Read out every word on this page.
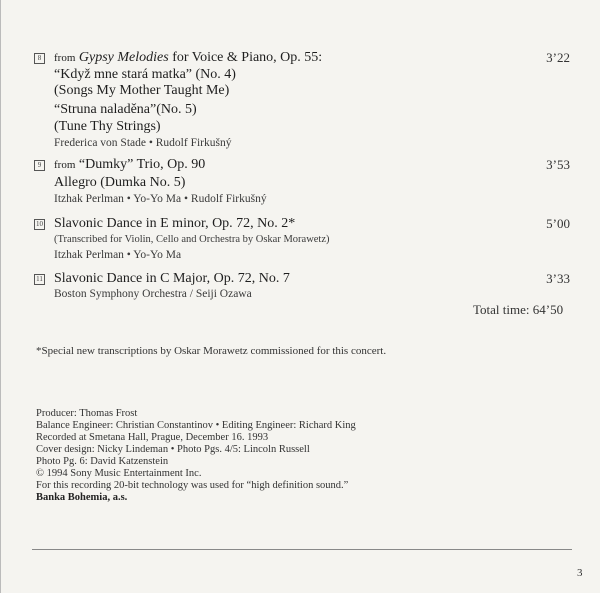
8	from Gypsy Melodies for Voice & Piano, Op. 55:	3’22
“Když mne stará matka” (No. 4)
(Songs My Mother Taught Me)
“Struna naladěna”(No. 5)
(Tune Thy Strings)
Frederica von Stade • Rudolf Firkušný
9	from “Dumky” Trio, Op. 90	3’53
Allegro (Dumka No. 5)
Itzhak Perlman • Yo-Yo Ma • Rudolf Firkušný
10 Slavonic Dance in E minor, Op. 72, No. 2*	5’00
(Transcribed for Violin, Cello and Orchestra by Oskar Morawetz)
Itzhak Perlman • Yo-Yo Ma
11 Slavonic Dance in C Major, Op. 72, No. 7	3’33
Boston Symphony Orchestra / Seiji Ozawa
Total time: 64’50
*Special new transcriptions by Oskar Morawetz commissioned for this concert.
Producer: Thomas Frost
Balance Engineer: Christian Constantinov • Editing Engineer: Richard King
Recorded at Smetana Hall, Prague, December 16. 1993
Cover design: Nicky Lindeman • Photo Pgs. 4/5: Lincoln Russell
Photo Pg. 6: David Katzenstein
© 1994 Sony Music Entertainment Inc.
For this recording 20-bit technology was used for “high definition sound.”
Banka Bohemia, a.s.
3
